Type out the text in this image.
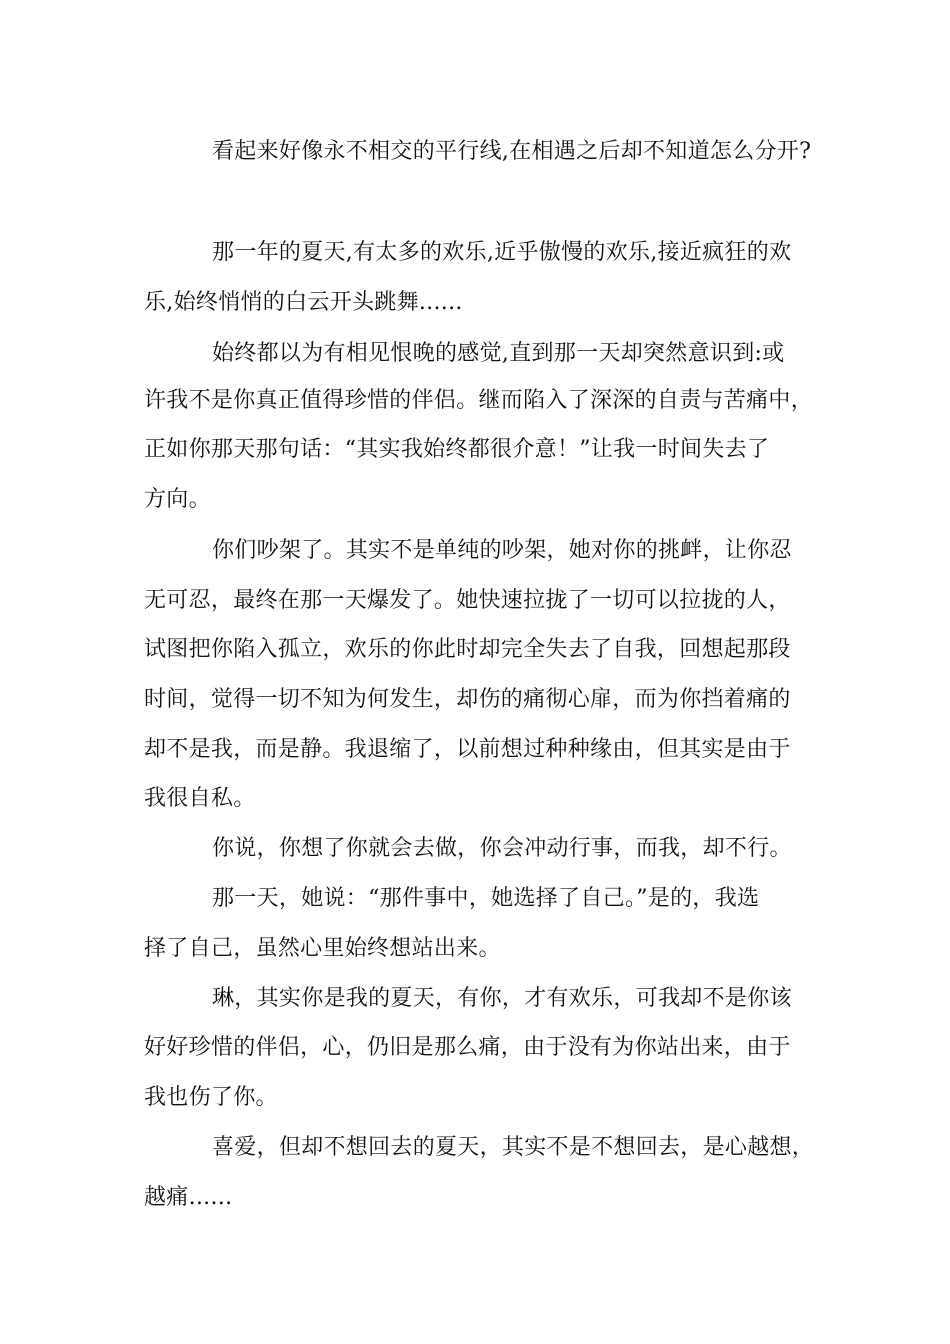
看起来好像永不相交的平行线,在相遇之后却不知道怎么分开?
那一年的夏天,有太多的欢乐,近乎傲慢的欢乐,接近疯狂的欢
乐,始终悄悄的白云开头跳舞......
始终都以为有相见恨晚的感觉,直到那一天却突然意识到:或
许我不是你真正值得珍惜的伴侣。继而陷入了深深的自责与苦痛中，
正如你那天那句话：“其实我始终都很介意！”让我一时间失去了
方向。
你们吵架了。其实不是单纯的吵架，她对你的挑衅，让你忍
无可忍，最终在那一天爆发了。她快速拉拢了一切可以拉拢的人，
试图把你陷入孤立，欢乐的你此时却完全失去了自我，回想起那段
时间，觉得一切不知为何发生，却伤的痛彻心扉，而为你挡着痛的
却不是我，而是静。我退缩了，以前想过种种缘由，但其实是由于
我很自私。
你说，你想了你就会去做，你会冲动行事，而我，却不行。
那一天，她说：“那件事中，她选择了自己。”是的，我选
择了自己，虽然心里始终想站出来。
琳，其实你是我的夏天，有你，才有欢乐，可我却不是你该
好好珍惜的伴侣，心，仍旧是那么痛，由于没有为你站出来，由于
我也伤了你。
喜爱，但却不想回去的夏天，其实不是不想回去，是心越想，
越痛......
